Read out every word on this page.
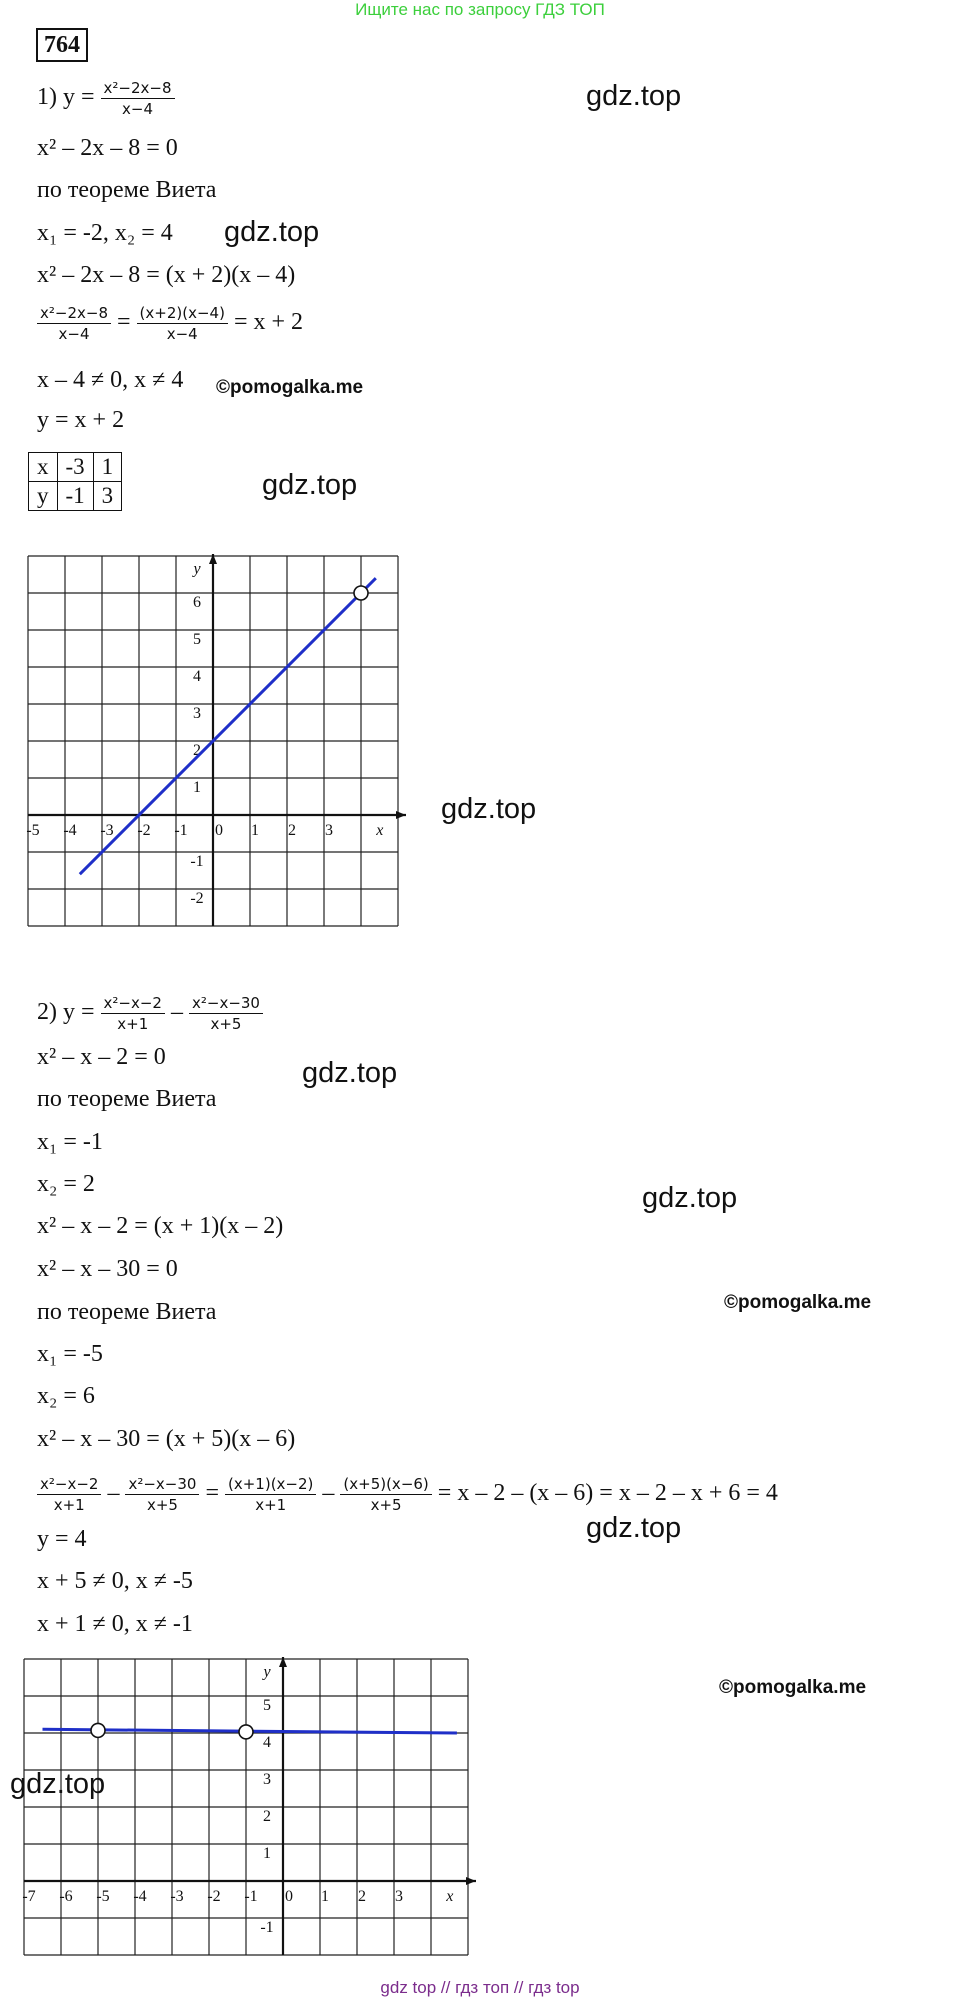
Ищите нас по запросу ГДЗ ТОП
764
1) $y = \frac{\text{x²−2x−8}}{x-4}$
x² – 2x – 8 = 0
по теореме Виета
x₁ = -2, x₂ = 4
x² – 2x – 8 = (x + 2)(x – 4)
$\frac{\text{x²−2x−8}}{x-4} = \frac{(x+2)(x-4)}{x-4} = x + 2$
x – 4 ≠ 0, x ≠ 4
y = x + 2
x	-3	1
y	-1	3
-5 -4 -3 -2 -1 0 1 2 3	x
6
5
4
3
2
1
-1
-2
y
2) $y = \frac{\text{x²−x−2}}{x+1} - \frac{\text{x²−x−30}}{x+5}$
x² – x – 2 = 0
по теореме Виета
x₁ = -1
x₂ = 2
x² – x – 2 = (x + 1)(x – 2)
x² – x – 30 = 0
по теореме Виета
x₁ = -5
x₂ = 6
x² – x – 30 = (x + 5)(x – 6)
$\frac{\text{x²−x−2}}{x+1} - \frac{\text{x²−x−30}}{x+5} = \frac{(x+1)(x-2)}{x+1} - \frac{(x+5)(x-6)}{x+5} = x - 2 - (x - 6) = x - 2 - x + 6 = 4$
y = 4
x + 5 ≠ 0, x ≠ -5
x + 1 ≠ 0, x ≠ -1
-7 -6 -5 -4 -3 -2 -1 0 1 2 3	x
5
4
3
2
1
-1
y
gdz.top
gdz.top
©pomogalka.me
gdz.top
gdz.top
gdz.top
gdz.top
©pomogalka.me
gdz.top
©pomogalka.me
gdz.top
gdz top // гдз топ // гдз top
